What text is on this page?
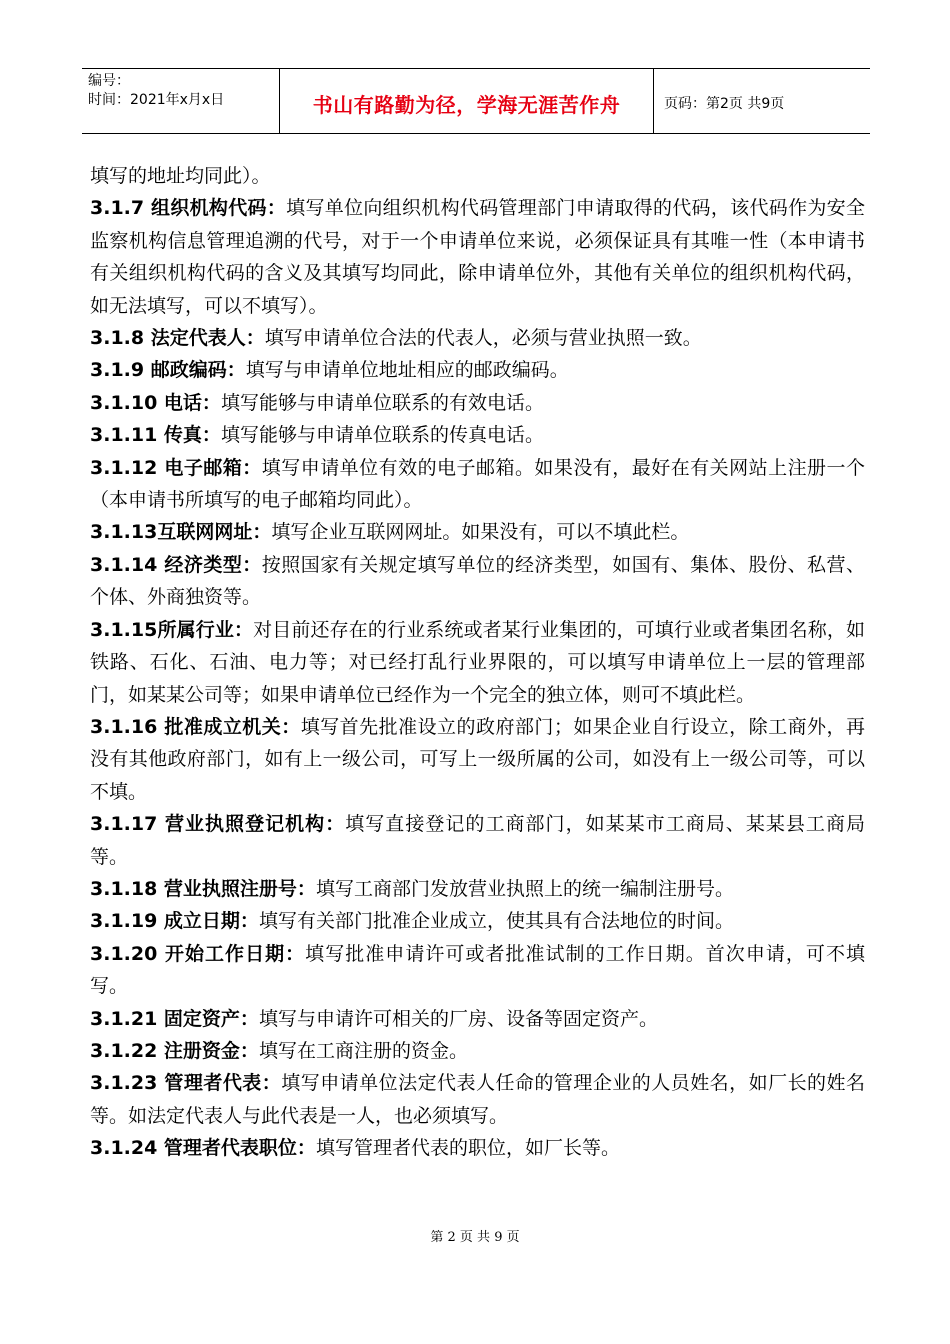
编号：
时间：2021年x月x日	书山有路勤为径，学海无涯苦作舟	页码：第2页 共9页

填写的地址均同此）。

3.1.7 组织机构代码：填写单位向组织机构代码管理部门申请取得的代码，该代码作为安全监察机构信息管理追溯的代号，对于一个申请单位来说，必须保证具有其唯一性（本申请书有关组织机构代码的含义及其填写均同此，除申请单位外，其他有关单位的组织机构代码，如无法填写，可以不填写）。

3.1.8 法定代表人：填写申请单位合法的代表人，必须与营业执照一致。

3.1.9 邮政编码：填写与申请单位地址相应的邮政编码。

3.1.10 电话：填写能够与申请单位联系的有效电话。

3.1.11 传真：填写能够与申请单位联系的传真电话。

3.1.12 电子邮箱：填写申请单位有效的电子邮箱。如果没有，最好在有关网站上注册一个（本申请书所填写的电子邮箱均同此）。

3.1.13互联网网址：填写企业互联网网址。如果没有，可以不填此栏。

3.1.14 经济类型：按照国家有关规定填写单位的经济类型，如国有、集体、股份、私营、个体、外商独资等。

3.1.15所属行业：对目前还存在的行业系统或者某行业集团的，可填行业或者集团名称，如铁路、石化、石油、电力等；对已经打乱行业界限的，可以填写申请单位上一层的管理部门，如某某公司等；如果申请单位已经作为一个完全的独立体，则可不填此栏。

3.1.16 批准成立机关：填写首先批准设立的政府部门；如果企业自行设立，除工商外，再没有其他政府部门，如有上一级公司，可写上一级所属的公司，如没有上一级公司等，可以不填。

3.1.17 营业执照登记机构：填写直接登记的工商部门，如某某市工商局、某某县工商局等。

3.1.18 营业执照注册号：填写工商部门发放营业执照上的统一编制注册号。

3.1.19 成立日期：填写有关部门批准企业成立，使其具有合法地位的时间。

3.1.20 开始工作日期：填写批准申请许可或者批准试制的工作日期。首次申请，可不填写。

3.1.21 固定资产：填写与申请许可相关的厂房、设备等固定资产。

3.1.22 注册资金：填写在工商注册的资金。

3.1.23 管理者代表：填写申请单位法定代表人任命的管理企业的人员姓名，如厂长的姓名等。如法定代表人与此代表是一人，也必须填写。

3.1.24 管理者代表职位：填写管理者代表的职位，如厂长等。

第 2 页 共 9 页
